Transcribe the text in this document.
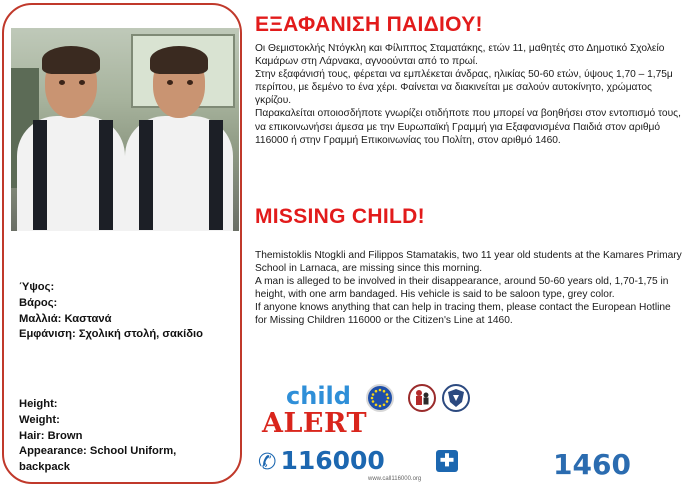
Ύψος:
Βάρος:
Μαλλιά: Καστανά
Εμφάνιση: Σχολική στολή, σακίδιο
Height:
Weight:
Hair: Brown
Appearance: School Uniform,
backpack
ΕΞΑΦΑΝΙΣΗ ΠΑΙΔΙΟΥ!

Οι Θεμιστοκλής Ντόγκλη και Φίλιππος Σταματάκης, ετών 11, μαθητές στο Δημοτικό Σχολείο Καμάρων στη Λάρνακα, αγνοούνται από το πρωί.

Στην εξαφάνισή τους, φέρεται να εμπλέκεται άνδρας, ηλικίας 50-60 ετών, ύψους 1,70 – 1,75μ περίπου, με δεμένο το ένα χέρι. Φαίνεται να διακινείται με σαλούν αυτοκίνητο, χρώματος γκρίζου.

Παρακαλείται οποιοσδήποτε γνωρίζει οτιδήποτε που μπορεί να βοηθήσει στον εντοπισμό τους, να επικοινωνήσει άμεσα με την Ευρωπαϊκή Γραμμή για Εξαφανισμένα Παιδιά στον αριθμό 116000 ή στην Γραμμή Επικοινωνίας του Πολίτη, στον αριθμό 1460.

MISSING CHILD!

Themistoklis Ntogkli and Filippos Stamatakis, two 11 year old students at the Kamares Primary School in Larnaca, are missing since this morning.

A man is alleged to be involved in their disappearance, around 50-60 years old, 1,70-1,75 in height, with one arm bandaged. His vehicle is said to be saloon type, grey color.

If anyone knows anything that can help in tracing them, please contact the European Hotline for Missing Children 116000 or the Citizen's Line at 1460.

child
ALERT
✆ 116000	✚
www.call116000.org	1460
